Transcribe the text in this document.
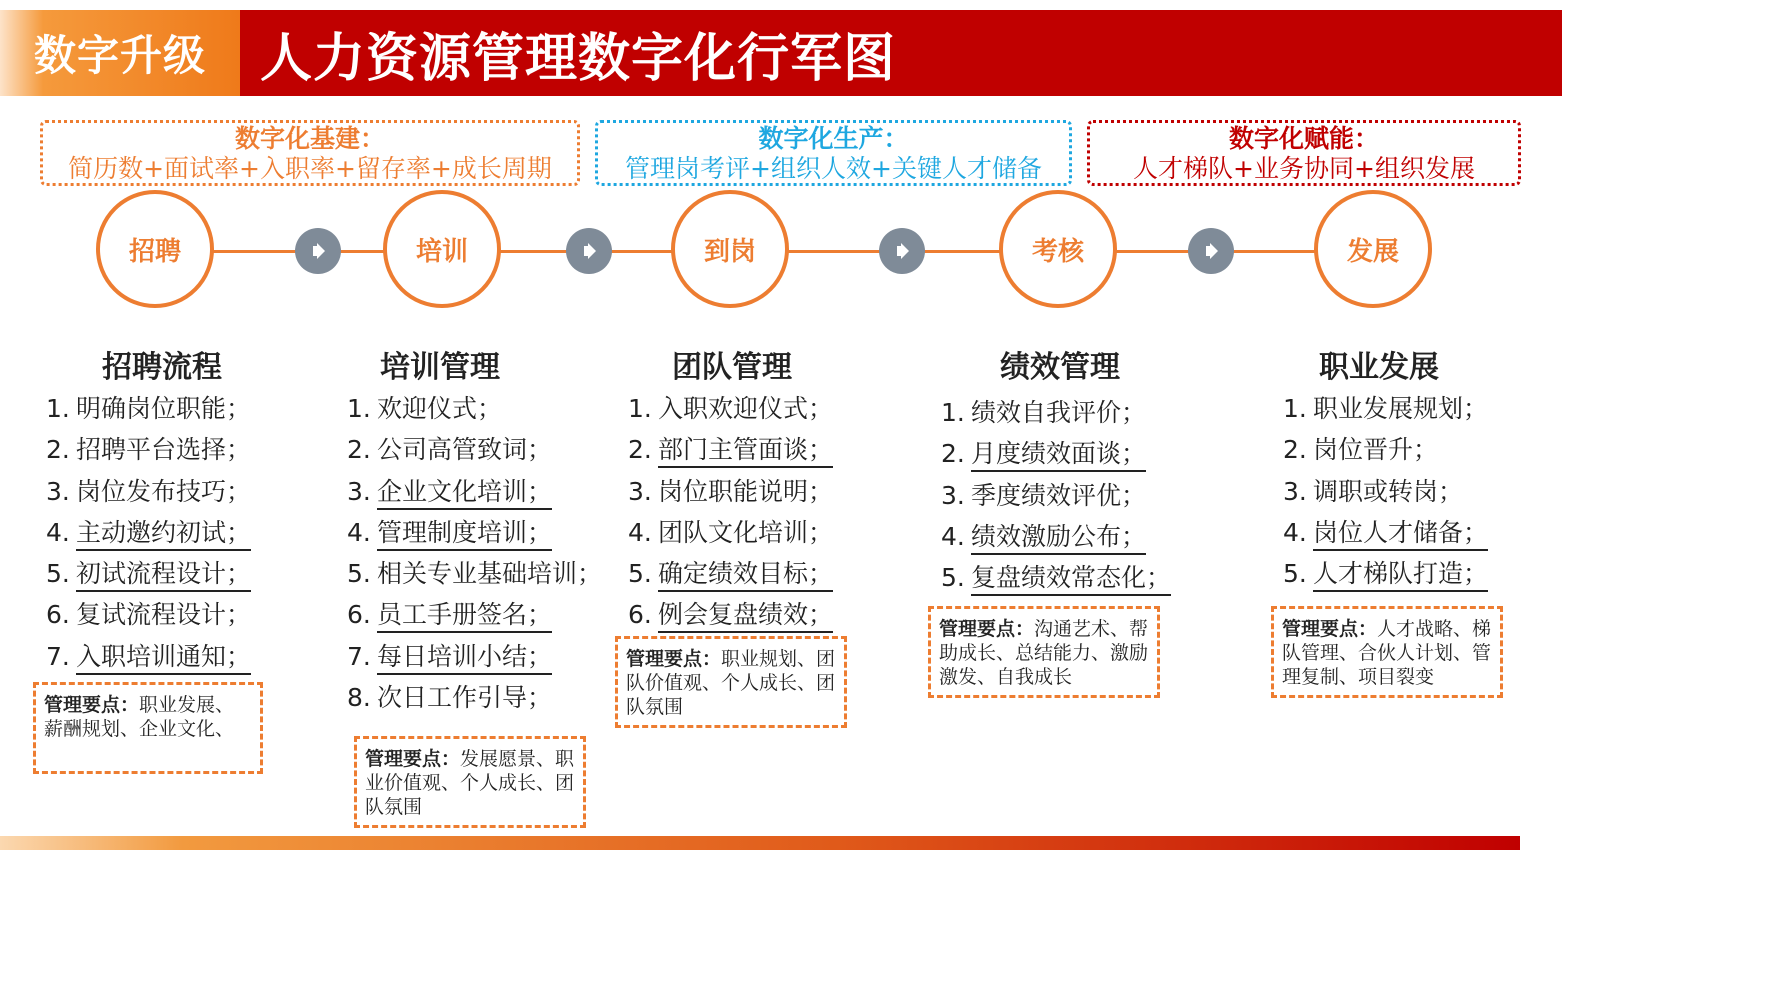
数字升级 人力资源管理数字化行军图
数字化基建：
简历数+面试率+入职率+留存率+成长周期
数字化生产：
管理岗考评+组织人效+关键人才储备
数字化赋能：
人才梯队+业务协同+组织发展
招聘	培训	到岗	考核	发展
招聘流程
1. 明确岗位职能；
2. 招聘平台选择；
3. 岗位发布技巧；
4. 主动邀约初试；
5. 初试流程设计；
6. 复试流程设计；
7. 入职培训通知；
管理要点：职业发展、薪酬规划、企业文化、
培训管理
1. 欢迎仪式；
2. 公司高管致词；
3. 企业文化培训；
4. 管理制度培训；
5. 相关专业基础培训；
6. 员工手册签名；
7. 每日培训小结；
8. 次日工作引导；
管理要点：发展愿景、职业价值观、个人成长、团队氛围
团队管理
1. 入职欢迎仪式；
2. 部门主管面谈；
3. 岗位职能说明；
4. 团队文化培训；
5. 确定绩效目标；
6. 例会复盘绩效；
管理要点：职业规划、团队价值观、个人成长、团队氛围
绩效管理
1. 绩效自我评价；
2. 月度绩效面谈；
3. 季度绩效评优；
4. 绩效激励公布；
5. 复盘绩效常态化；
管理要点：沟通艺术、帮助成长、总结能力、激励激发、自我成长
职业发展
1. 职业发展规划；
2. 岗位晋升；
3. 调职或转岗；
4. 岗位人才储备；
5. 人才梯队打造；
管理要点：人才战略、梯队管理、合伙人计划、管理复制、项目裂变
